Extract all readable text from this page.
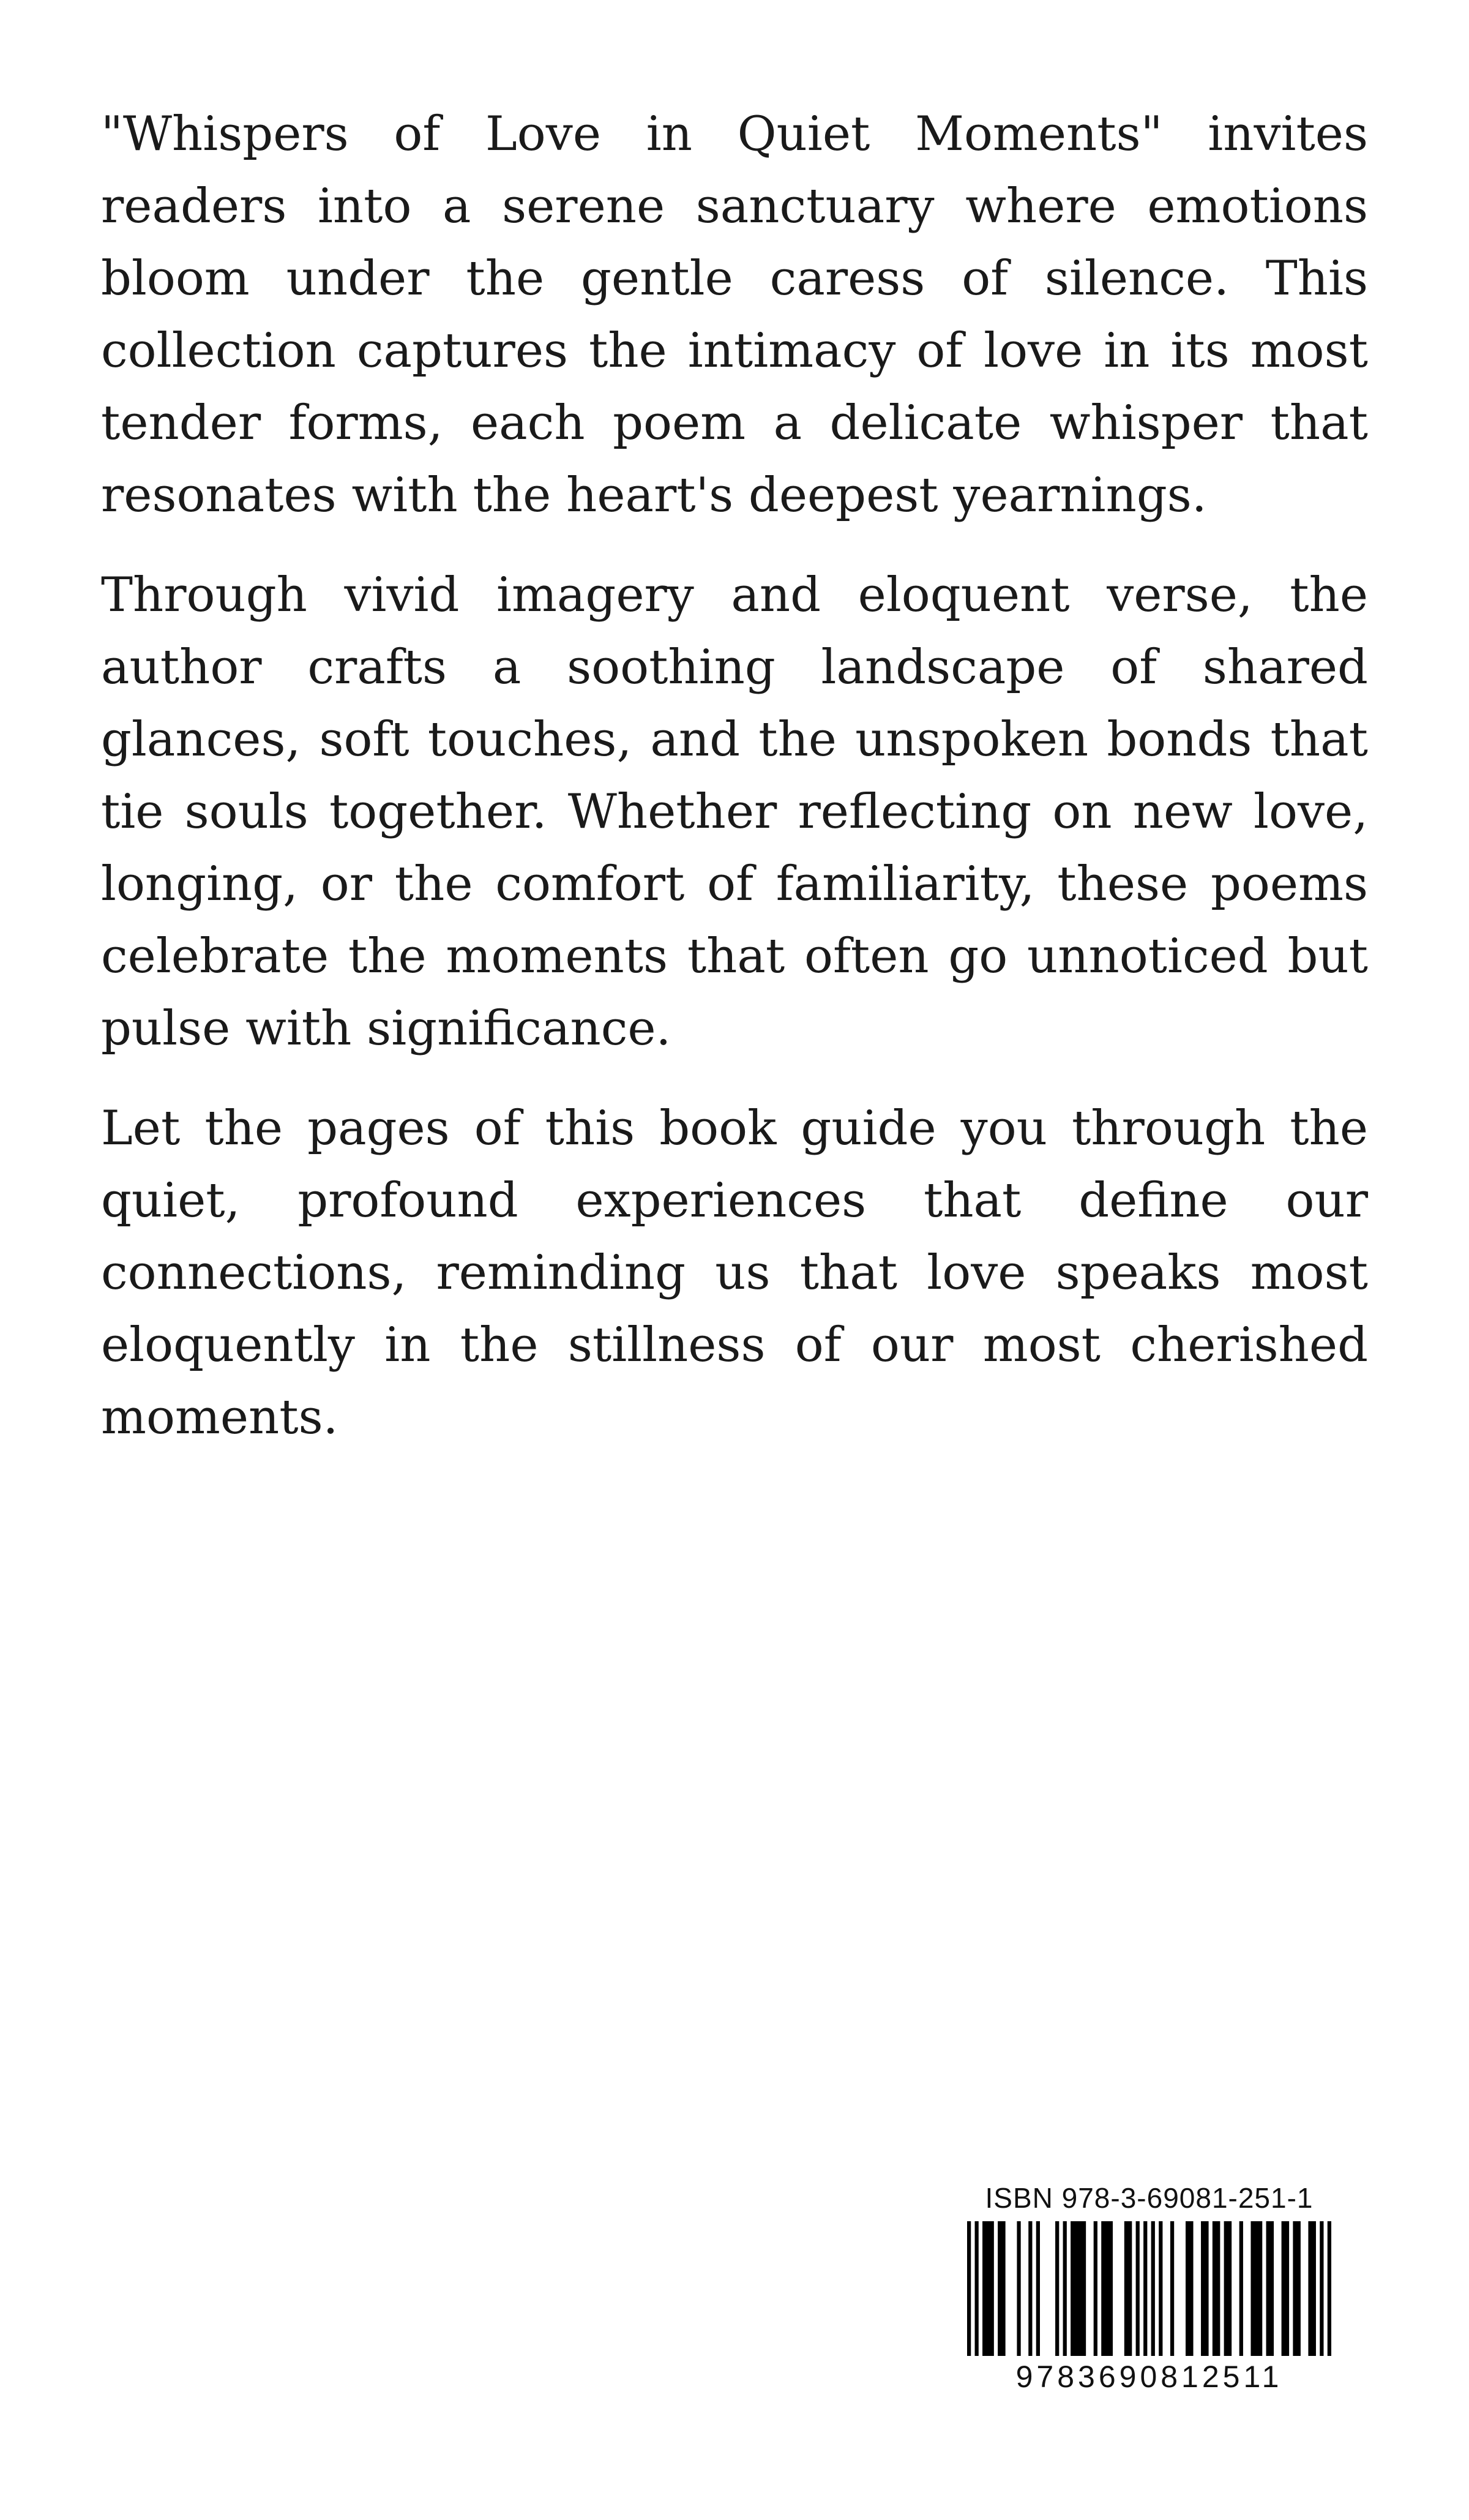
"Whispers of Love in Quiet Moments" invites readers into a serene sanctuary where emotions bloom under the gentle caress of silence. This collection captures the intimacy of love in its most tender forms, each poem a delicate whisper that resonates with the heart's deepest yearnings.

Through vivid imagery and eloquent verse, the author crafts a soothing landscape of shared glances, soft touches, and the unspoken bonds that tie souls together. Whether reflecting on new love, longing, or the comfort of familiarity, these poems celebrate the moments that often go unnoticed but pulse with significance.

Let the pages of this book guide you through the quiet, profound experiences that define our connections, reminding us that love speaks most eloquently in the stillness of our most cherished moments.

ISBN 978-3-69081-251-1
9783690812511
